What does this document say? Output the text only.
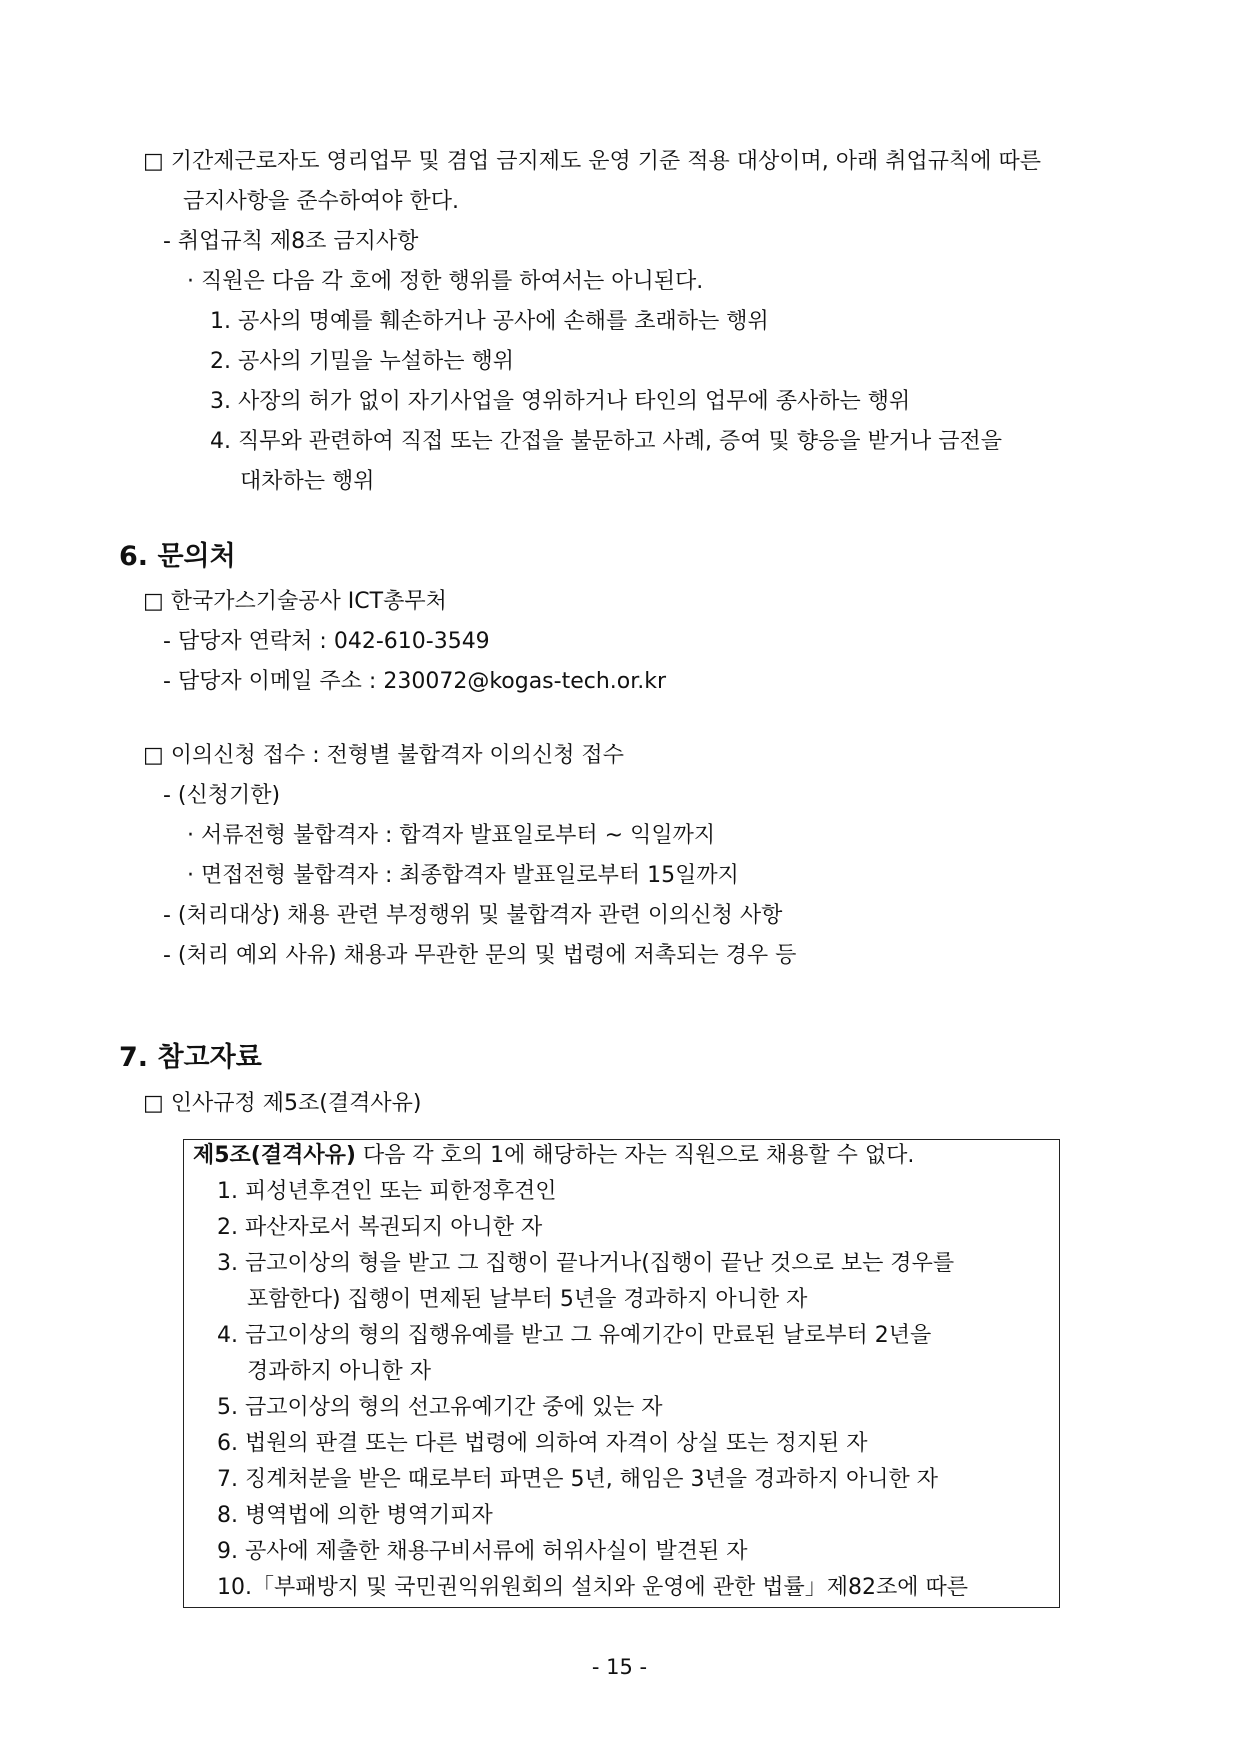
□ 기간제근로자도 영리업무 및 겸업 금지제도 운영 기준 적용 대상이며, 아래 취업규칙에 따른
금지사항을 준수하여야 한다.
- 취업규칙 제8조 금지사항
· 직원은 다음 각 호에 정한 행위를 하여서는 아니된다.
1. 공사의 명예를 훼손하거나 공사에 손해를 초래하는 행위
2. 공사의 기밀을 누설하는 행위
3. 사장의 허가 없이 자기사업을 영위하거나 타인의 업무에 종사하는 행위
4. 직무와 관련하여 직접 또는 간접을 불문하고 사례, 증여 및 향응을 받거나 금전을
대차하는 행위
6. 문의처
□ 한국가스기술공사 ICT총무처
- 담당자 연락처 : 042-610-3549
- 담당자 이메일 주소 : 230072@kogas-tech.or.kr
□ 이의신청 접수 : 전형별 불합격자 이의신청 접수
- (신청기한)
· 서류전형 불합격자 : 합격자 발표일로부터 ~ 익일까지
· 면접전형 불합격자 : 최종합격자 발표일로부터 15일까지
- (처리대상) 채용 관련 부정행위 및 불합격자 관련 이의신청 사항
- (처리 예외 사유) 채용과 무관한 문의 및 법령에 저촉되는 경우 등
7. 참고자료
□ 인사규정 제5조(결격사유)
제5조(결격사유) 다음 각 호의 1에 해당하는 자는 직원으로 채용할 수 없다.
1. 피성년후견인 또는 피한정후견인
2. 파산자로서 복권되지 아니한 자
3. 금고이상의 형을 받고 그 집행이 끝나거나(집행이 끝난 것으로 보는 경우를
포함한다) 집행이 면제된 날부터 5년을 경과하지 아니한 자
4. 금고이상의 형의 집행유예를 받고 그 유예기간이 만료된 날로부터 2년을
경과하지 아니한 자
5. 금고이상의 형의 선고유예기간 중에 있는 자
6. 법원의 판결 또는 다른 법령에 의하여 자격이 상실 또는 정지된 자
7. 징계처분을 받은 때로부터 파면은 5년, 해임은 3년을 경과하지 아니한 자
8. 병역법에 의한 병역기피자
9. 공사에 제출한 채용구비서류에 허위사실이 발견된 자
10.「부패방지 및 국민권익위원회의 설치와 운영에 관한 법률」제82조에 따른
- 15 -
